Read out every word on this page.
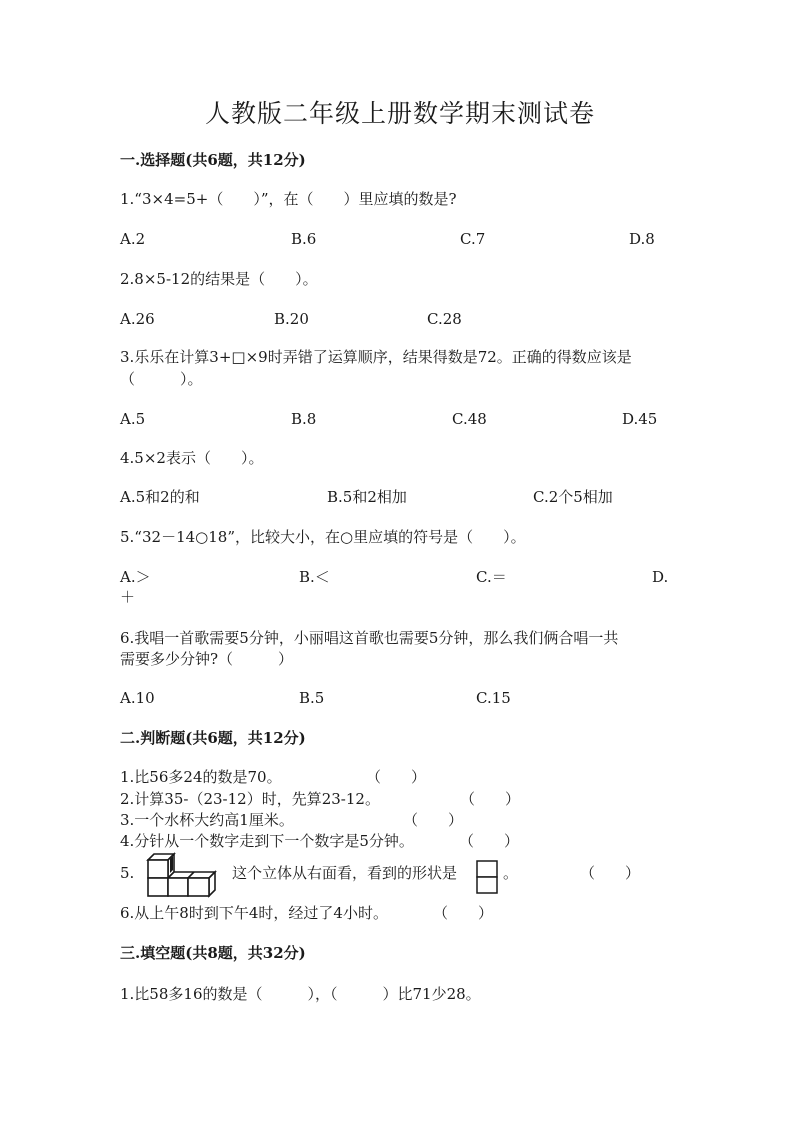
人教版二年级上册数学期末测试卷
一.选择题(共6题，共12分)
1.“3×4=5+（　　）”，在（　　）里应填的数是?
A.2	B.6	C.7	D.8
2.8×5-12的结果是（　　）。
A.26	B.20	C.28
3.乐乐在计算3+□×9时弄错了运算顺序，结果得数是72。正确的得数应该是
（　　　）。
A.5	B.8	C.48	D.45
4.5×2表示（　　）。
A.5和2的和	B.5和2相加	C.2个5相加
5.“32－14○18”，比较大小，在○里应填的符号是（　　）。
A.＞	B.＜	C.＝	D.
＋
6.我唱一首歌需要5分钟，小丽唱这首歌也需要5分钟，那么我们俩合唱一共
需要多少分钟?（　　　）
A.10	B.5	C.15
二.判断题(共6题，共12分)
1.比56多24的数是70。	（　　）
2.计算35-（23-12）时，先算23-12。	（　　）
3.一个水杯大约高1厘米。	（　　）
4.分针从一个数字走到下一个数字是5分钟。	（　　）
5.	这个立体从右面看，看到的形状是	。	（　　）
6.从上午8时到下午4时，经过了4小时。	（　　）
三.填空题(共8题，共32分)
1.比58多16的数是（　　　），（　　　）比71少28。
